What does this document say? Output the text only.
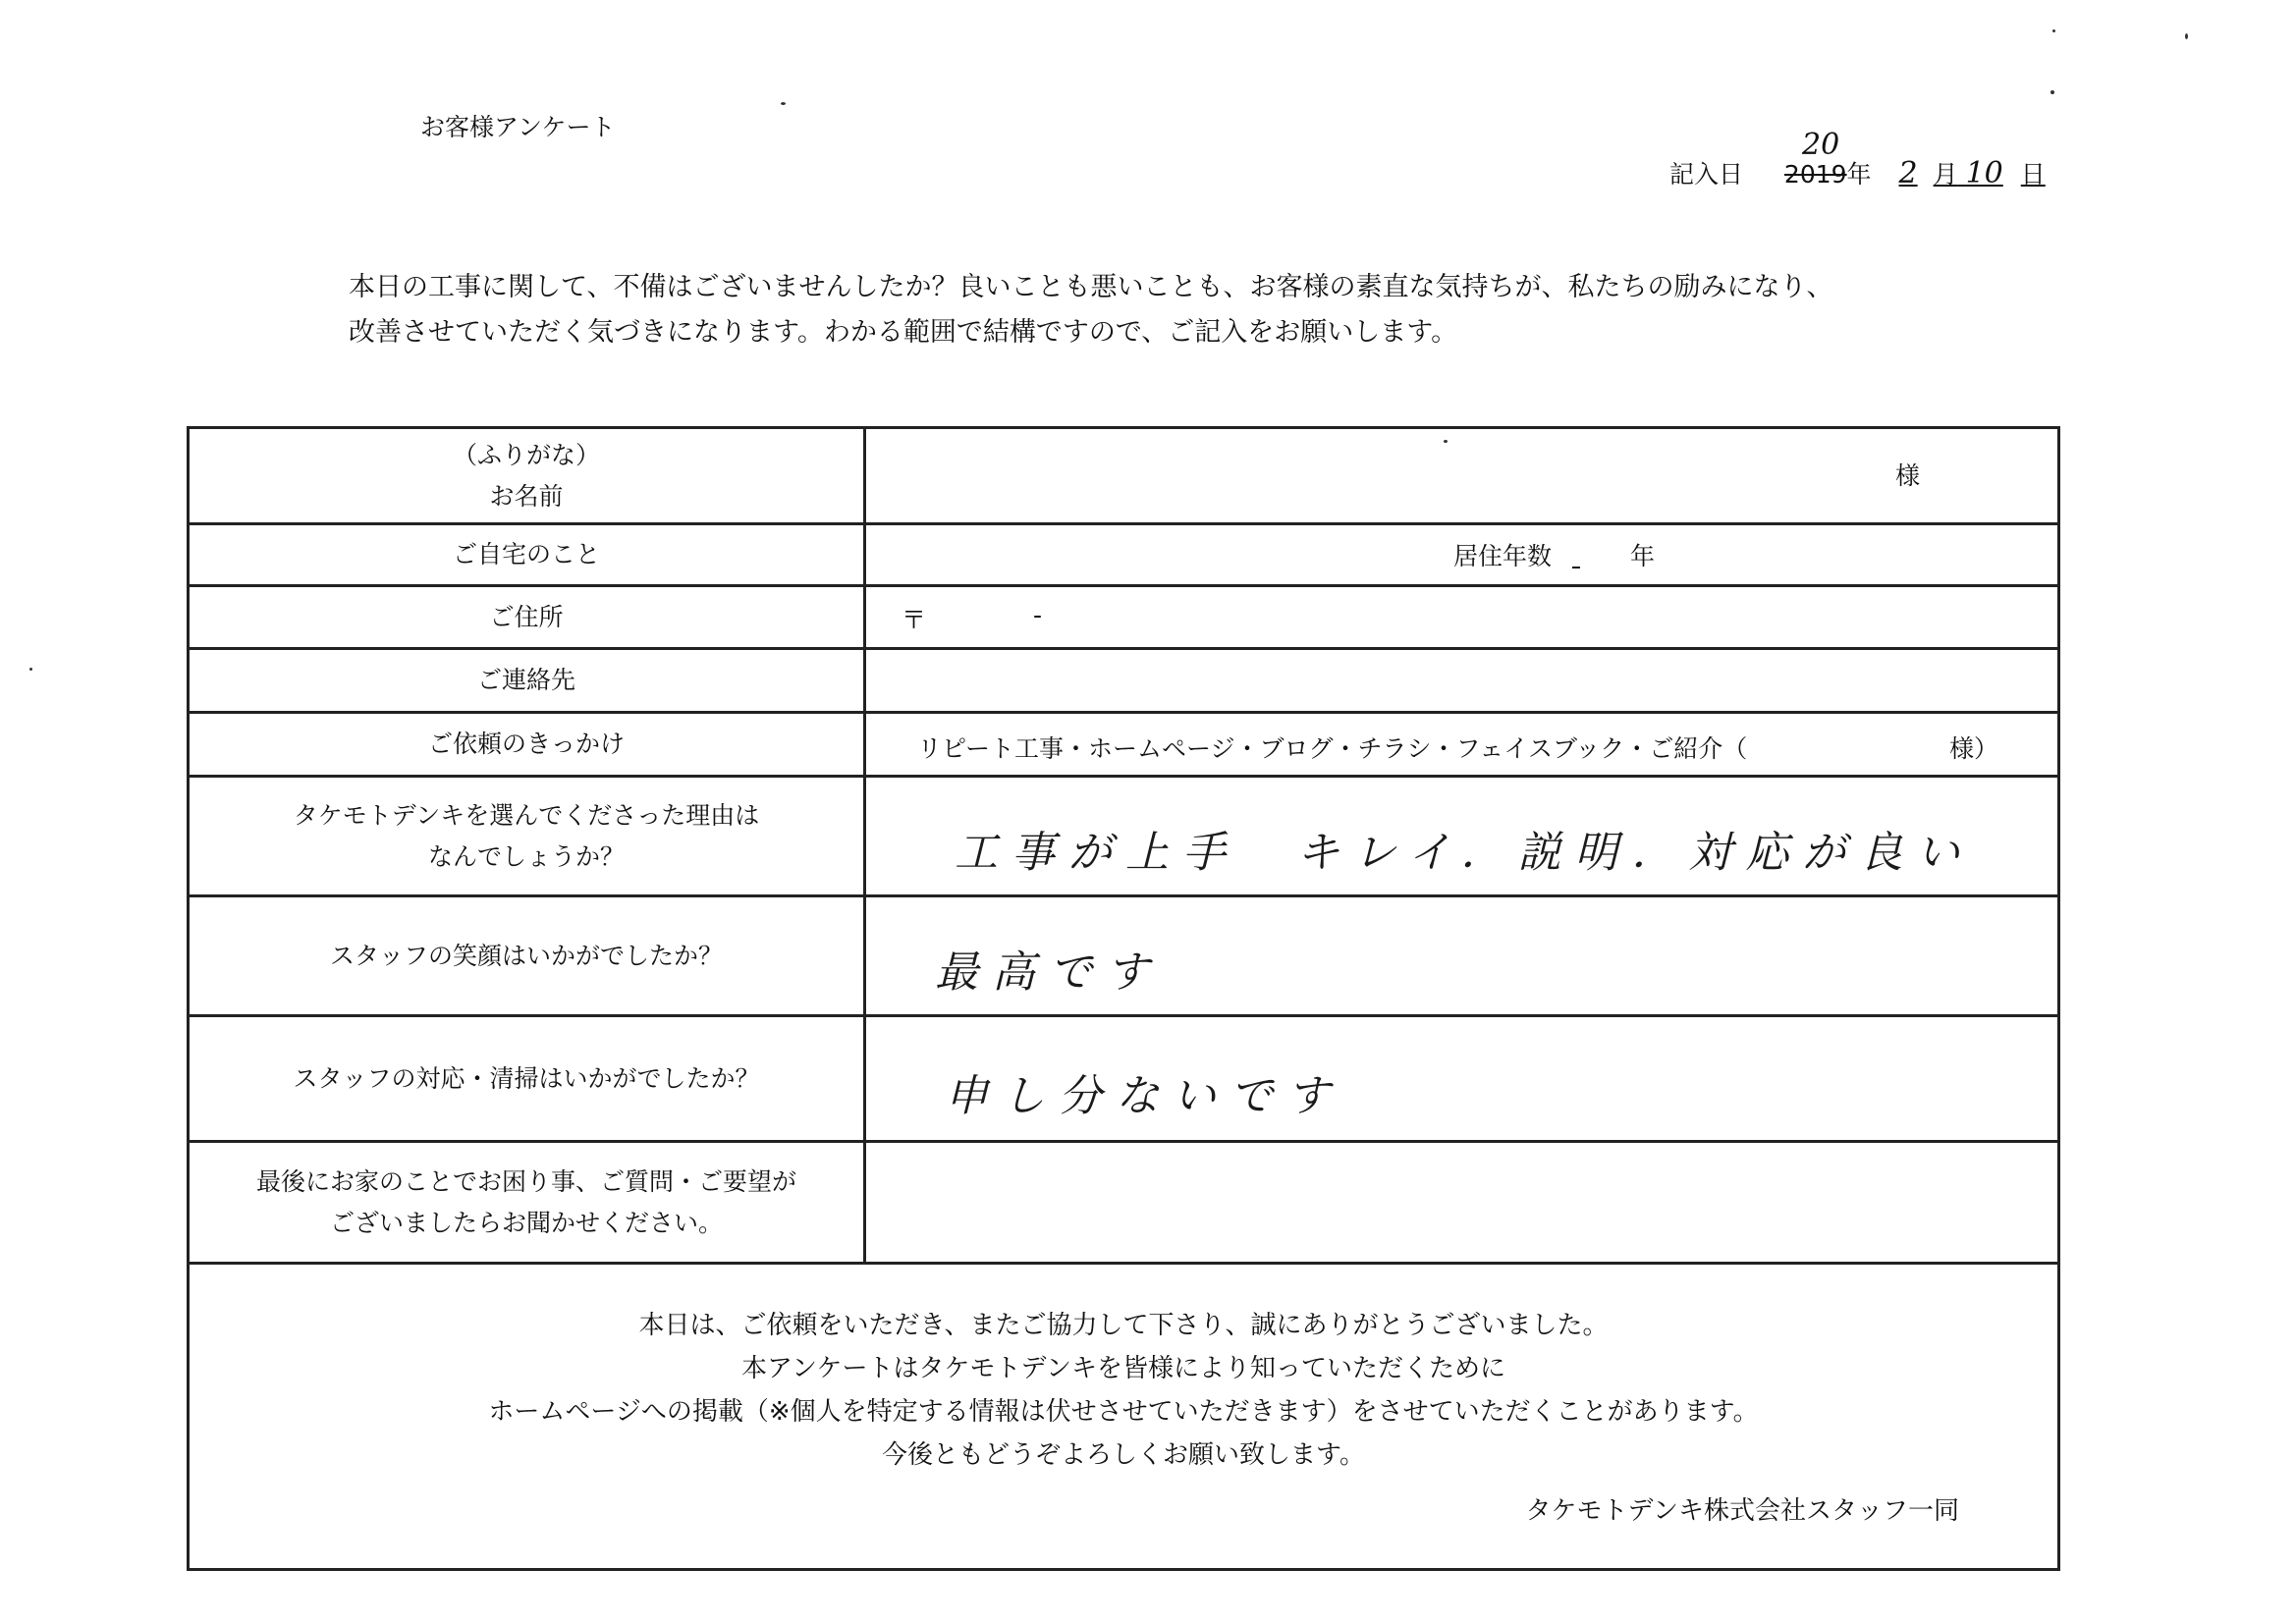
お客様アンケート
20
記入日 2019年 2 月 10 日

本日の工事に関して、不備はございませんしたか？良いことも悪いことも、お客様の素直な気持ちが、私たちの励みになり、

改善させていただく気づきになります。わかる範囲で結構ですので、ご記入をお願いします。

（ふりがな）
お名前	様

ご自宅のこと	居住年数 年
ご住所	〒 -

ご連絡先	
ご依頼のきっかけ	リピート工事・ホームページ・ブログ・チラシ・フェイスブック・ご紹介（ 様）

タケモトデンキを選んでくださった理由は
なんでしょうか？	工事が上手　キレイ．説明．対応が良い

スタッフの笑顔はいかがでしたか？	最高です

スタッフの対応・清掃はいかがでしたか？	申し分ないです

最後にお家のことでお困り事、ご質問・ご要望が
ございましたらお聞かせください。	

本日は、ご依頼をいただき、またご協力して下さり、誠にありがとうございました。

本アンケートはタケモトデンキを皆様により知っていただくために

ホームページへの掲載（※個人を特定する情報は伏せさせていただきます）をさせていただくことがあります。

今後ともどうぞよろしくお願い致します。

タケモトデンキ株式会社スタッフ一同	
